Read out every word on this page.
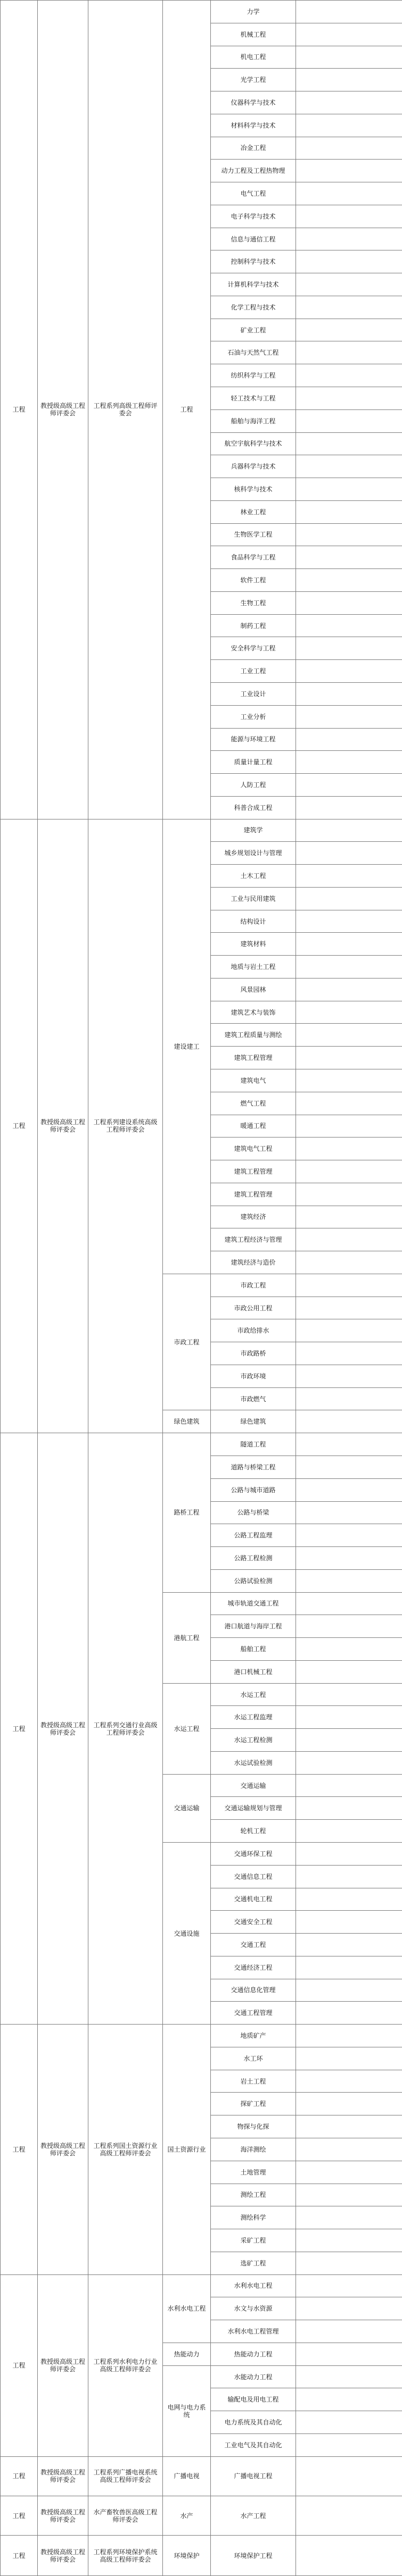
工程	教授级高级工程师评委会	工程系列高级工程师评委会	工程	力学	
				机械工程	
				机电工程	
				光学工程	
				仪器科学与技术	
				材料科学与技术	
				冶金工程	
				动力工程及工程热物理	
				电气工程	
				电子科学与技术	
				信息与通信工程	
				控制科学与技术	
				计算机科学与技术	
				化学工程与技术	
				矿业工程	
				石油与天然气工程	
				纺织科学与工程	
				轻工技术与工程	
				船舶与海洋工程	
				航空宇航科学与技术	
				兵器科学与技术	
				核科学与技术	
				林业工程	
				生物医学工程	
				食品科学与工程	
				软件工程	
				生物工程	
				制药工程	
				安全科学与工程	
				工业工程	
				工业设计	
				工业分析	
				能源与环境工程	
				质量计量工程	
				人防工程	
				科普合成工程	
工程	教授级高级工程师评委会	工程系列建设系统高级工程师评委会	建设建工	建筑学	
				城乡规划设计与管理	
				土木工程	
				工业与民用建筑	
				结构设计	
				建筑材料	
				地质与岩土工程	
				风景园林	
				建筑艺术与装饰	
				建筑工程质量与测绘	
				建筑工程管理	
				建筑电气	
				燃气工程	
				暖通工程	
				建筑电气工程	
				建筑工程管理	
				建筑工程管理	
				建筑经济	
				建筑工程经济与管理	
				建筑经济与造价	
			市政工程	市政工程	
				市政公用工程	
				市政给排水	
				市政路桥	
				市政环境	
				市政燃气	
			绿色建筑	绿色建筑	
工程	教授级高级工程师评委会	工程系列交通行业高级工程师评委会	路桥工程	隧道工程	
				道路与桥梁工程	
				公路与城市道路	
				公路与桥梁	
				公路工程监理	
				公路工程检测	
				公路试验检测	
			港航工程	城市轨道交通工程	
				港口航道与海岸工程	
				船舶工程	
				港口机械工程	
			水运工程	水运工程	
				水运工程监理	
				水运工程检测	
				水运试验检测	
			交通运输	交通运输	
				交通运输规划与管理	
				轮机工程	
			交通设施	交通环保工程	
				交通信息工程	
				交通机电工程	
				交通安全工程	
				交通工程	
				交通经济工程	
				交通信息化管理	
				交通工程管理	
工程	教授级高级工程师评委会	工程系列国土资源行业高级工程师评委会	国土资源行业	地质矿产	
				水工环	
				岩土工程	
				探矿工程	
				物探与化探	
				海洋测绘	
				土地管理	
				测绘工程	
				测绘科学	
				采矿工程	
				选矿工程	
工程	教授级高级工程师评委会	工程系列水利电力行业高级工程师评委会	水利水电工程	水利水电工程	
				水文与水资源	
				水利水电工程管理	
			热能动力	热能动力工程	
			电网与电力系统	水能动力工程	
				输配电及用电工程	
				电力系统及其自动化	
				工业电气及其自动化	
工程	教授级高级工程师评委会	工程系列广播电视系统高级工程师评委会	广播电视	广播电视工程	
工程	教授级高级工程师评委会	水产畜牧兽医高级工程师评委会	水产	水产工程	
工程	教授级高级工程师评委会	工程系列环境保护系统高级工程师评委会	环境保护	环境保护工程	
